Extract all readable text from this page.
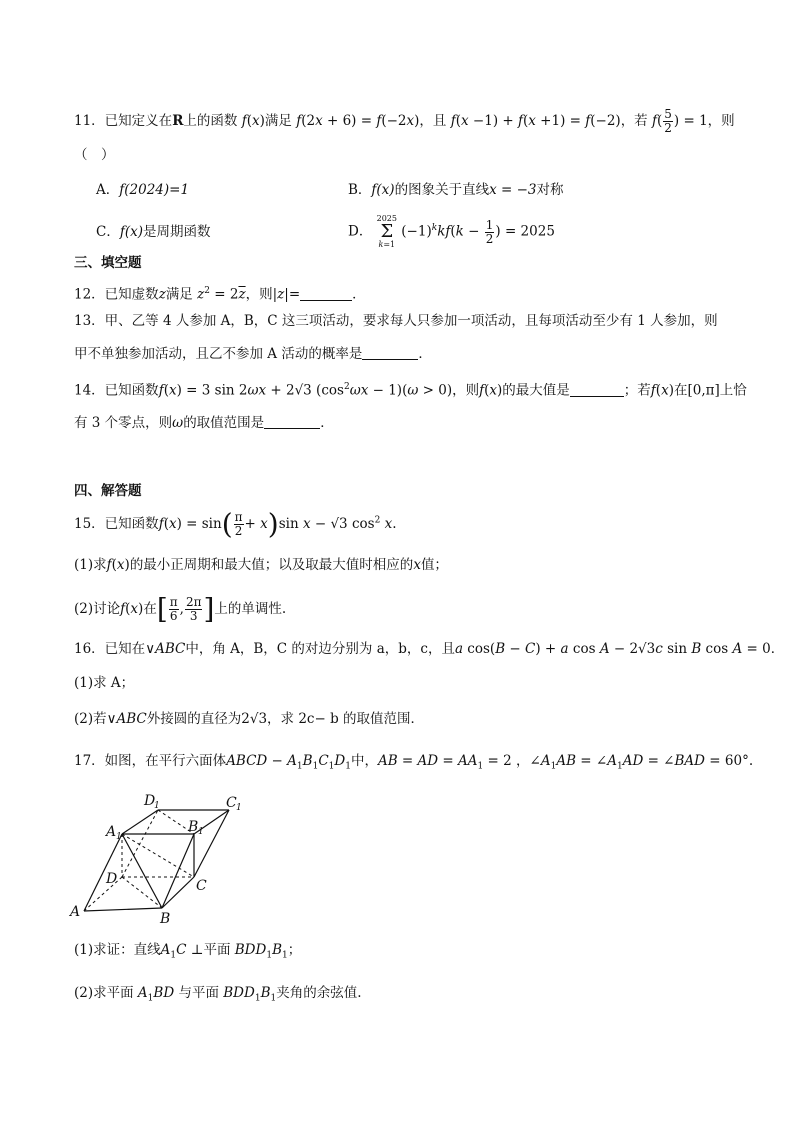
11．已知定义在R上的函数 f(x)满足 f(2x + 6) = f(−2x)，且 f(x −1) + f(x +1) = f(−2)，若 $f( \frac{5}{2}$ ) = 1，则
（　）
A．f(2024)=1	B．f(x)的图象关于直线x = −3对称
C．f(x)是周期函数	D．
2025
Σ
k=1
$(-1)^kkf(k - \frac{1}{2}$ ) = 2025
三、填空题
12．已知虚数z满足 $z^2 = 2\overline{z}$，则|z|=	．
13．甲、乙等 4 人参加 A，B，C 这三项活动，要求每人只参加一项活动，且每项活动至少有 1 人参加，则
甲不单独参加活动，且乙不参加 A 活动的概率是	．
14．已知函数f(x) = 3 sin 2ωx + 2√3 $(\cos^2\omega x - 1)(\omega > 0)$，则f(x)的最大值是	；若f(x)在[0,π]上恰
有 3 个零点，则ω的取值范围是	．
四、解答题
15．已知函数$f(x) = \sin( \frac{\pi}{2} + x)\sin$ x − √3 $\cos^2 x$.
(1)求f(x)的最小正周期和最大值；以及取最大值时相应的x值；
(2)讨论f(x)在[ $\frac{\pi}{6}$ , $\frac{2\pi}{3}$ ]上的单调性.
16．已知在∨ABC中，角 A，B，C 的对边分别为 a，b，c，且a cos(B − C) + a cos A − 2√3c sin B cos A = 0．
(1)求 A；
(2)若∨ABC外接圆的直径为2√3，求 2c− b 的取值范围．
17．如图，在平行六面体ABCD − $A_1B_1C_1D_1$中，AB = AD = $AA_1 = 2$ ，$\angle A_1AB$ = $\angle A_1AD$ = ∠BAD = 60°.
A	B
C
D
A 1
B 1
C 1
D
1
(1)求证：直线$A_1C$ ⊥平面 $BDD_1B_1$；
(2)求平面 $A_1BD$ 与平面 $BDD_1B_1$夹角的余弦值.
